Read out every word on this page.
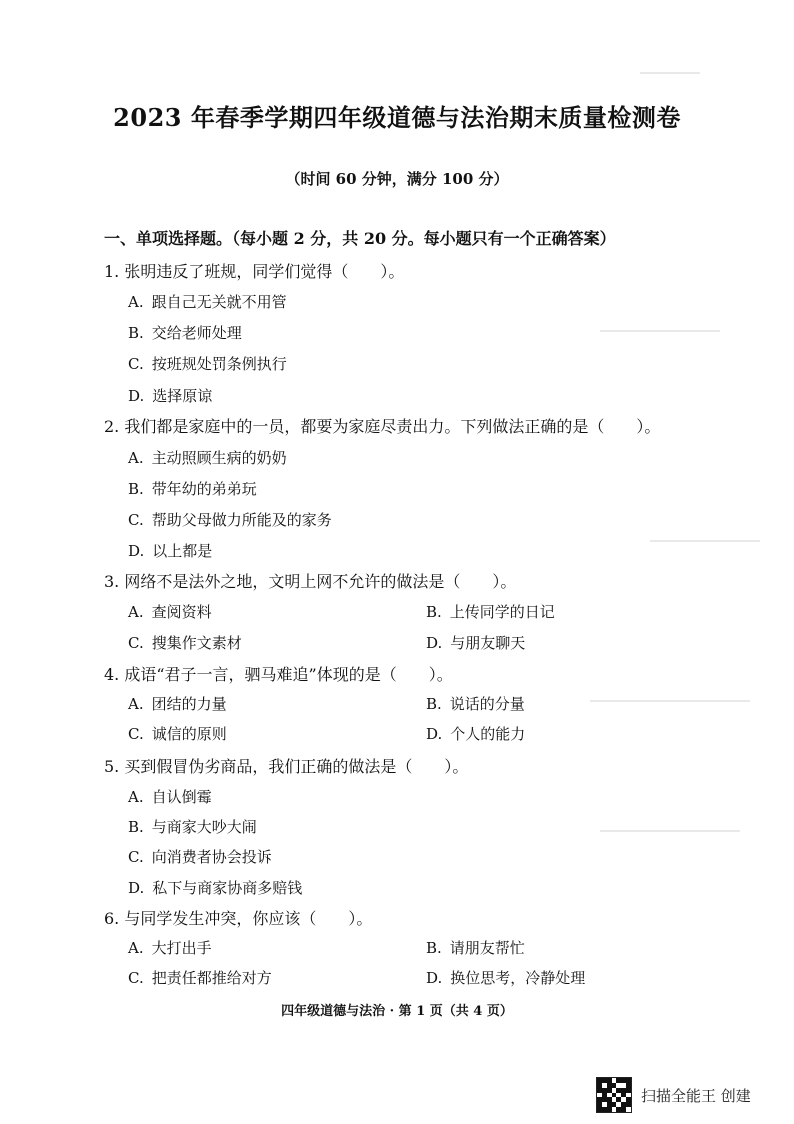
2023 年春季学期四年级道德与法治期末质量检测卷
（时间 60 分钟，满分 100 分）
一、单项选择题。（每小题 2 分，共 20 分。每小题只有一个正确答案）
1. 张明违反了班规，同学们觉得（　　）。
A. 跟自己无关就不用管
B. 交给老师处理
C. 按班规处罚条例执行
D. 选择原谅
2. 我们都是家庭中的一员，都要为家庭尽责出力。下列做法正确的是（　　）。
A. 主动照顾生病的奶奶
B. 带年幼的弟弟玩
C. 帮助父母做力所能及的家务
D. 以上都是
3. 网络不是法外之地，文明上网不允许的做法是（　　）。
A. 查阅资料	B. 上传同学的日记
C. 搜集作文素材	D. 与朋友聊天
4. 成语“君子一言，驷马难追”体现的是（　　）。
A. 团结的力量	B. 说话的分量
C. 诚信的原则	D. 个人的能力
5. 买到假冒伪劣商品，我们正确的做法是（　　）。
A. 自认倒霉
B. 与商家大吵大闹
C. 向消费者协会投诉
D. 私下与商家协商多赔钱
6. 与同学发生冲突，你应该（　　）。
A. 大打出手	B. 请朋友帮忙
C. 把责任都推给对方	D. 换位思考，冷静处理
四年级道德与法治 · 第 1 页（共 4 页）
扫描全能王 创建
